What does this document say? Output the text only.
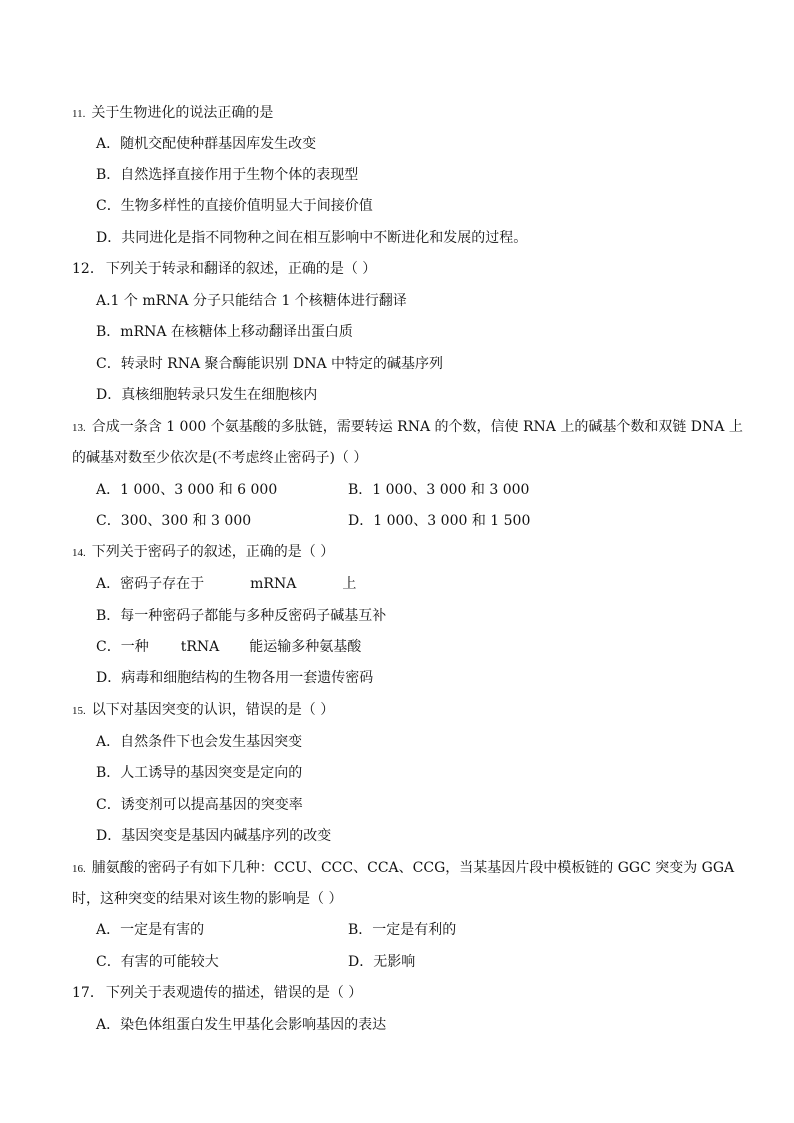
11. 关于生物进化的说法正确的是
A．随机交配使种群基因库发生改变
B．自然选择直接作用于生物个体的表现型
C．生物多样性的直接价值明显大于间接价值
D．共同进化是指不同物种之间在相互影响中不断进化和发展的过程。
12． 下列关于转录和翻译的叙述，正确的是（ ）
A.1 个 mRNA 分子只能结合 1 个核糖体进行翻译
B．mRNA 在核糖体上移动翻译出蛋白质
C．转录时 RNA 聚合酶能识别 DNA 中特定的碱基序列
D．真核细胞转录只发生在细胞核内
13. 合成一条含 1 000 个氨基酸的多肽链，需要转运 RNA 的个数，信使 RNA 上的碱基个数和双链 DNA 上
的碱基对数至少依次是(不考虑终止密码子)（ ）
A．1 000、3 000 和 6 000	B．1 000、3 000 和 3 000
C．300、300 和 3 000	D．1 000、3 000 和 1 500
14. 下列关于密码子的叙述，正确的是（ ）
A．密码子存在于	mRNA	上
B．每一种密码子都能与多种反密码子碱基互补
C．一种 tRNA 能运输多种氨基酸
D．病毒和细胞结构的生物各用一套遗传密码
15. 以下对基因突变的认识，错误的是（ ）
A．自然条件下也会发生基因突变
B．人工诱导的基因突变是定向的
C．诱变剂可以提高基因的突变率
D．基因突变是基因内碱基序列的改变
16. 脯氨酸的密码子有如下几种：CCU、CCC、CCA、CCG，当某基因片段中模板链的 GGC 突变为 GGA
时，这种突变的结果对该生物的影响是（ ）
A．一定是有害的	B．一定是有利的
C．有害的可能较大	D．无影响
17． 下列关于表观遗传的描述，错误的是（ ）
A．染色体组蛋白发生甲基化会影响基因的表达
